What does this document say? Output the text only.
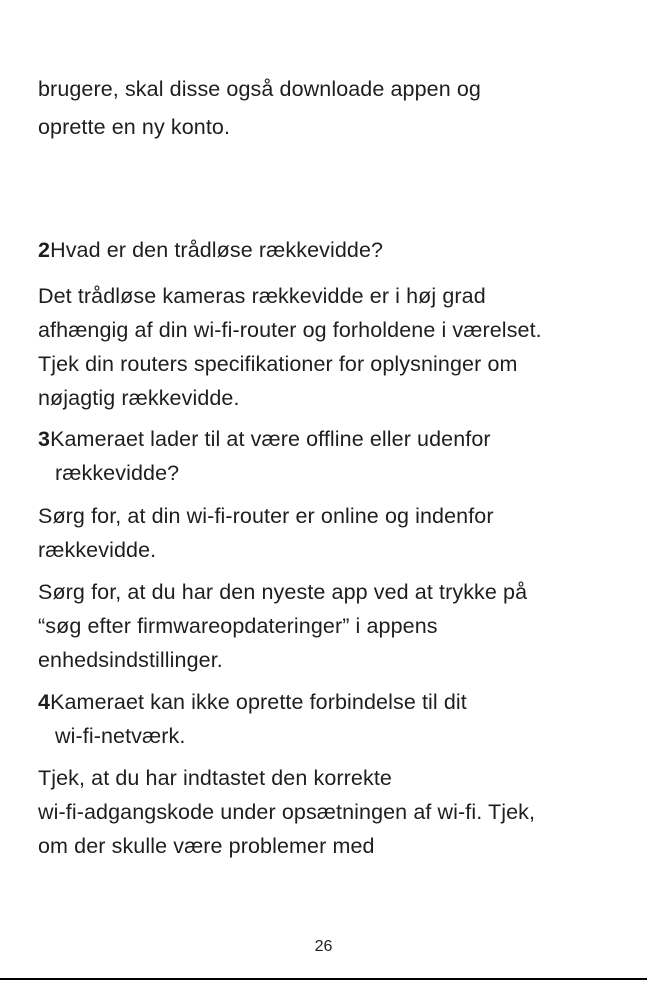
brugere, skal disse også downloade appen og
oprette en ny konto.
2Hvad er den trådløse rækkevidde?
Det trådløse kameras rækkevidde er i høj grad
afhængig af din wi-fi-router og forholdene i værelset.
Tjek din routers specifikationer for oplysninger om
nøjagtig rækkevidde.
3Kameraet lader til at være offline eller udenfor
rækkevidde?
Sørg for, at din wi-fi-router er online og indenfor
rækkevidde.
Sørg for, at du har den nyeste app ved at trykke på
“søg efter firmwareopdateringer” i appens
enhedsindstillinger.
4Kameraet kan ikke oprette forbindelse til dit
wi-fi-netværk.
Tjek, at du har indtastet den korrekte
wi-fi-adgangskode under opsætningen af wi-fi. Tjek,
om der skulle være problemer med
26
